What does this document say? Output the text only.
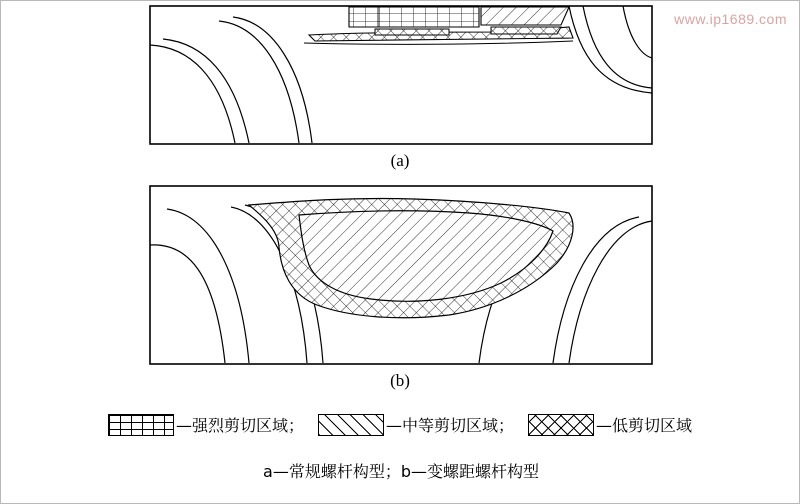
www.ip1689.com
(a)
(b)
—强烈剪切区域；	—中等剪切区域；	—低剪切区域
a—常规螺杆构型；b—变螺距螺杆构型
